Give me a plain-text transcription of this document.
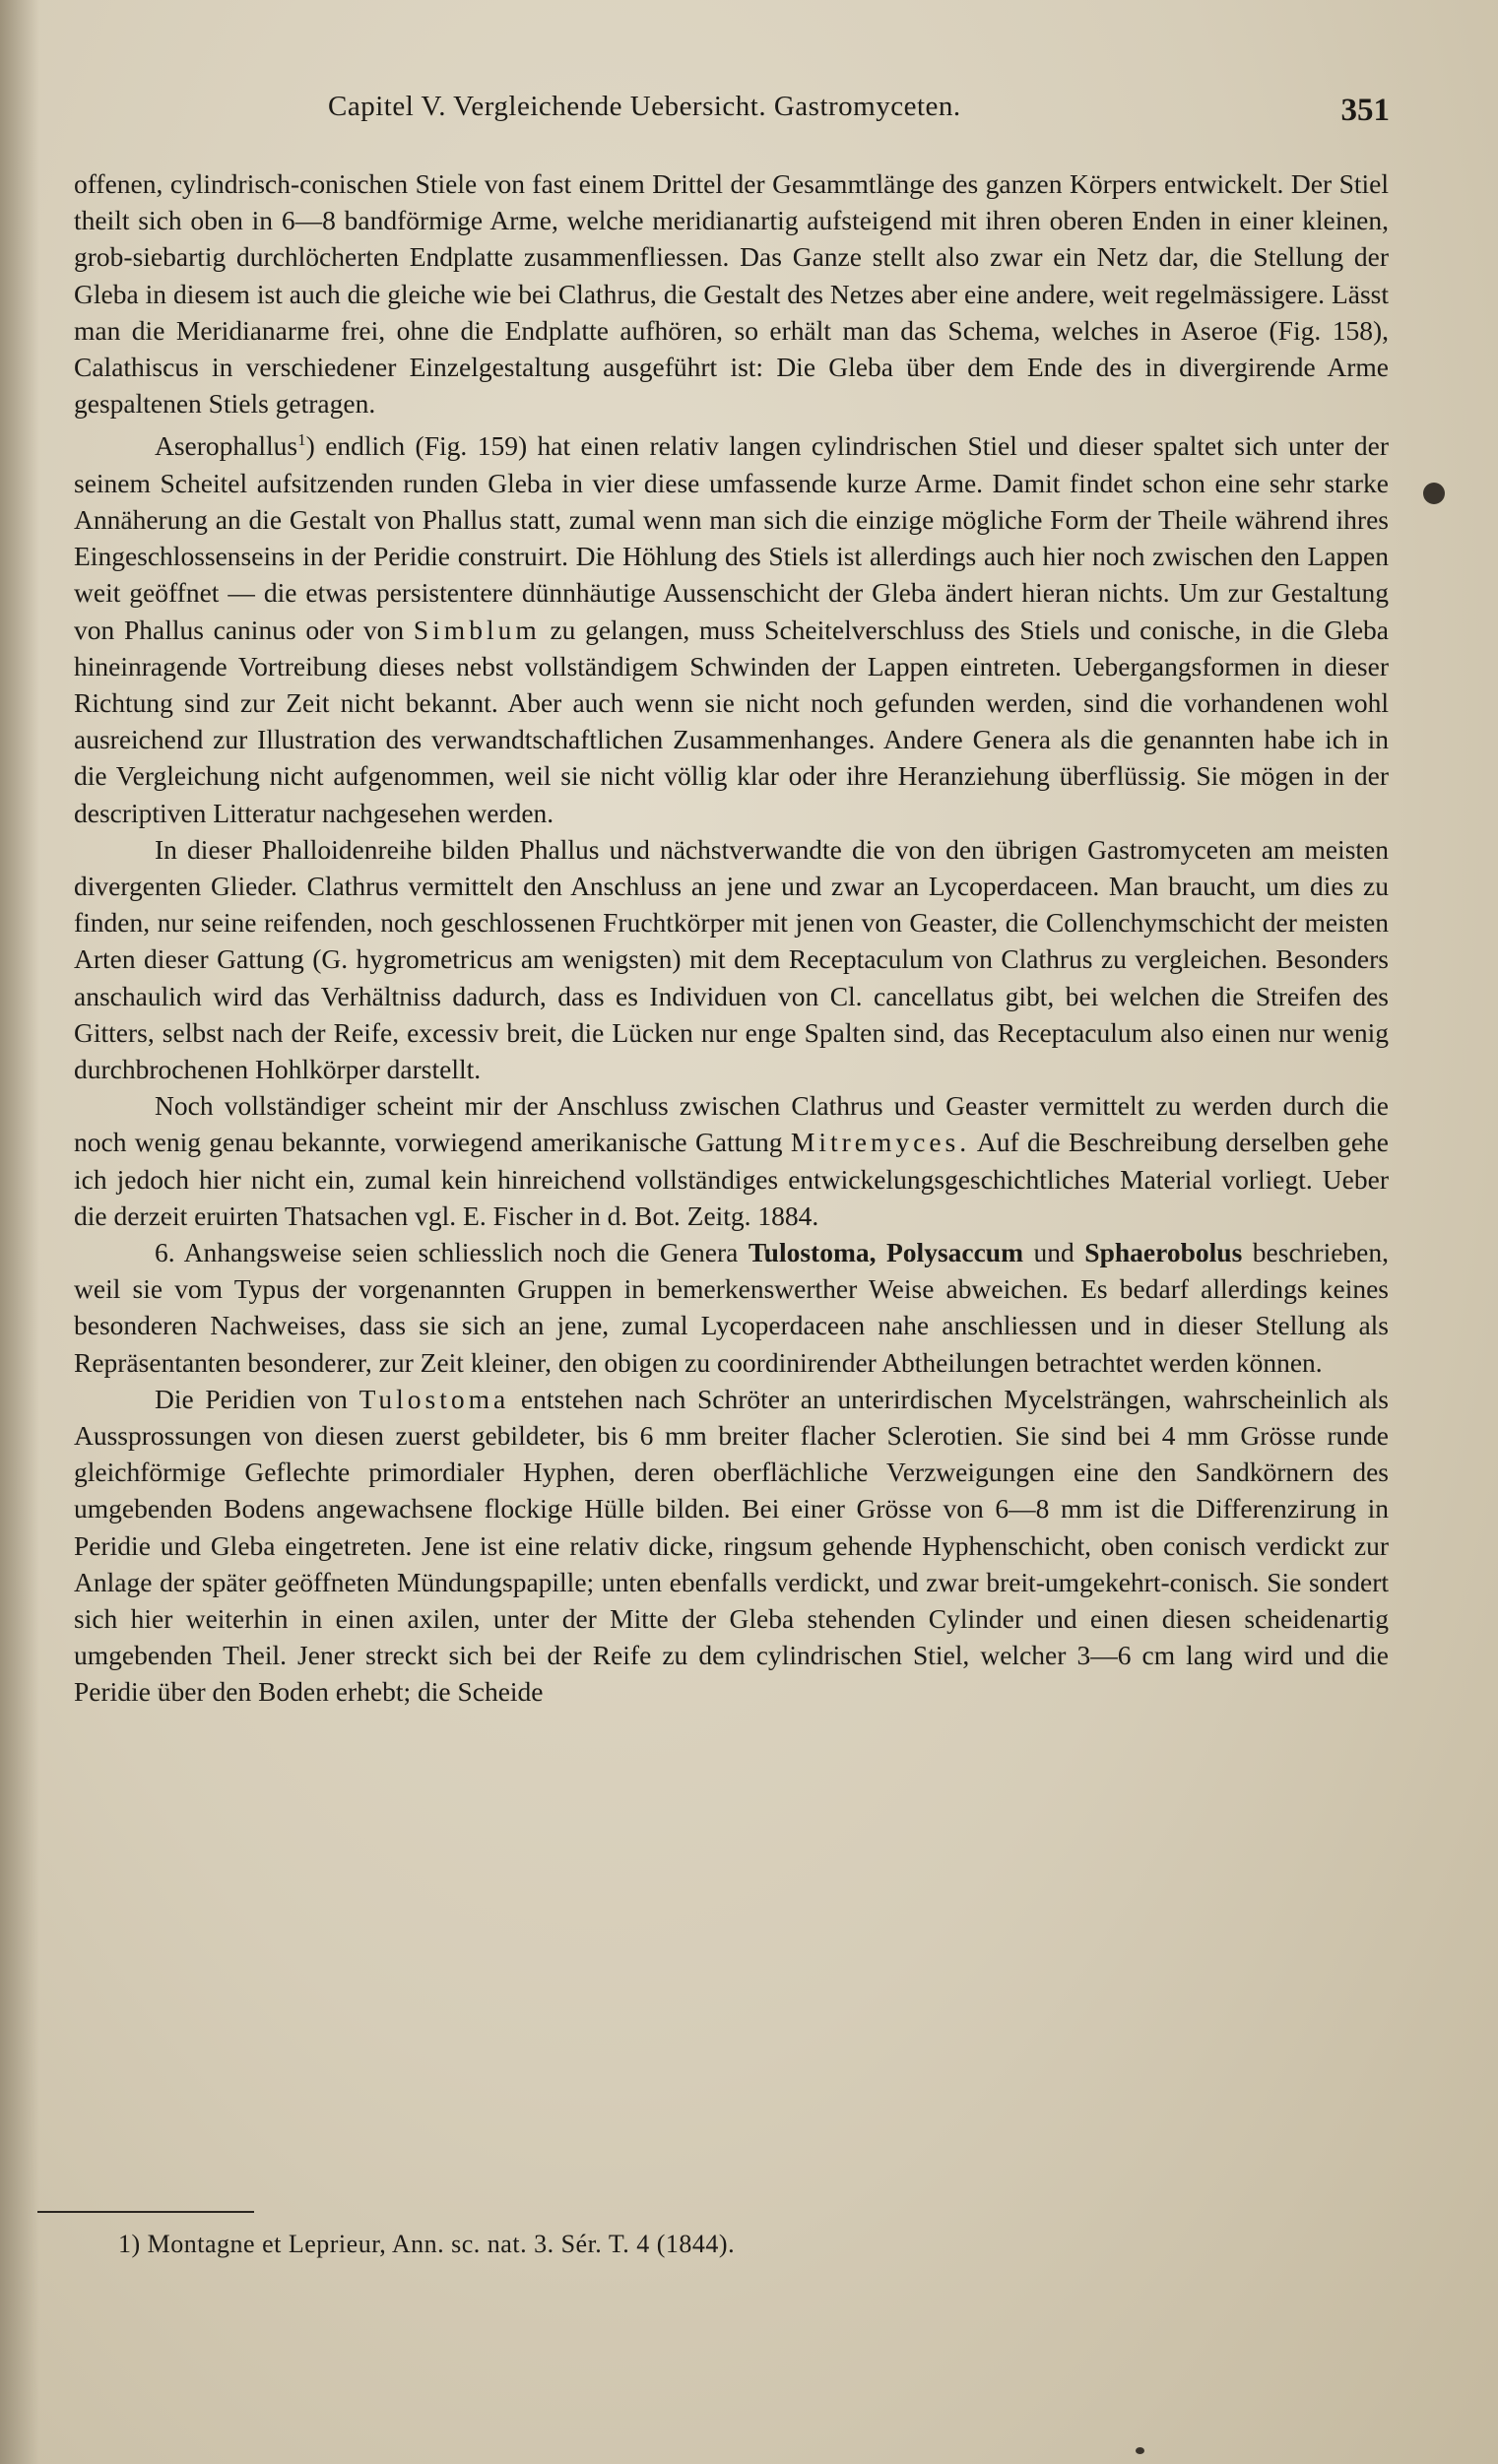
Capitel V. Vergleichende Uebersicht. Gastromyceten.	351

offenen, cylindrisch-conischen Stiele von fast einem Drittel der Gesammtlänge des ganzen Körpers entwickelt. Der Stiel theilt sich oben in 6—8 bandförmige Arme, welche meridianartig aufsteigend mit ihren oberen Enden in einer kleinen, grob-siebartig durchlöcherten Endplatte zusammenfliessen. Das Ganze stellt also zwar ein Netz dar, die Stellung der Gleba in diesem ist auch die gleiche wie bei Clathrus, die Gestalt des Netzes aber eine andere, weit regelmässigere. Lässt man die Meridianarme frei, ohne die Endplatte aufhören, so erhält man das Schema, welches in Aseroe (Fig. 158), Calathiscus in verschiedener Einzelgestaltung ausgeführt ist: Die Gleba über dem Ende des in divergirende Arme gespaltenen Stiels getragen.

Aserophallus$^1$) endlich (Fig. 159) hat einen relativ langen cylindrischen Stiel und dieser spaltet sich unter der seinem Scheitel aufsitzenden runden Gleba in vier diese umfassende kurze Arme. Damit findet schon eine sehr starke Annäherung an die Gestalt von Phallus statt, zumal wenn man sich die einzige mögliche Form der Theile während ihres Eingeschlossenseins in der Peridie construirt. Die Höhlung des Stiels ist allerdings auch hier noch zwischen den Lappen weit geöffnet — die etwas persistentere dünnhäutige Aussenschicht der Gleba ändert hieran nichts. Um zur Gestaltung von Phallus caninus oder von Simblum zu gelangen, muss Scheitelverschluss des Stiels und conische, in die Gleba hineinragende Vortreibung dieses nebst vollständigem Schwinden der Lappen eintreten. Uebergangsformen in dieser Richtung sind zur Zeit nicht bekannt. Aber auch wenn sie nicht noch gefunden werden, sind die vorhandenen wohl ausreichend zur Illustration des verwandtschaftlichen Zusammenhanges. Andere Genera als die genannten habe ich in die Vergleichung nicht aufgenommen, weil sie nicht völlig klar oder ihre Heranziehung überflüssig. Sie mögen in der descriptiven Litteratur nachgesehen werden.

In dieser Phalloidenreihe bilden Phallus und nächstverwandte die von den übrigen Gastromyceten am meisten divergenten Glieder. Clathrus vermittelt den Anschluss an jene und zwar an Lycoperdaceen. Man braucht, um dies zu finden, nur seine reifenden, noch geschlossenen Fruchtkörper mit jenen von Geaster, die Collenchymschicht der meisten Arten dieser Gattung (G. hygrometricus am wenigsten) mit dem Receptaculum von Clathrus zu vergleichen. Besonders anschaulich wird das Verhältniss dadurch, dass es Individuen von Cl. cancellatus gibt, bei welchen die Streifen des Gitters, selbst nach der Reife, excessiv breit, die Lücken nur enge Spalten sind, das Receptaculum also einen nur wenig durchbrochenen Hohlkörper darstellt.

Noch vollständiger scheint mir der Anschluss zwischen Clathrus und Geaster vermittelt zu werden durch die noch wenig genau bekannte, vorwiegend amerikanische Gattung Mitremyces. Auf die Beschreibung derselben gehe ich jedoch hier nicht ein, zumal kein hinreichend vollständiges entwickelungsgeschichtliches Material vorliegt. Ueber die derzeit eruirten Thatsachen vgl. E. Fischer in d. Bot. Zeitg. 1884.

6. Anhangsweise seien schliesslich noch die Genera Tulostoma, Polysaccum und Sphaerobolus beschrieben, weil sie vom Typus der vorgenannten Gruppen in bemerkenswerther Weise abweichen. Es bedarf allerdings keines besonderen Nachweises, dass sie sich an jene, zumal Lycoperdaceen nahe anschliessen und in dieser Stellung als Repräsentanten besonderer, zur Zeit kleiner, den obigen zu coordinirender Abtheilungen betrachtet werden können.

Die Peridien von Tulostoma entstehen nach Schröter an unterirdischen Mycelsträngen, wahrscheinlich als Aussprossungen von diesen zuerst gebildeter, bis 6 mm breiter flacher Sclerotien. Sie sind bei 4 mm Grösse runde gleichförmige Geflechte primordialer Hyphen, deren oberflächliche Verzweigungen eine den Sandkörnern des umgebenden Bodens angewachsene flockige Hülle bilden. Bei einer Grösse von 6—8 mm ist die Differenzirung in Peridie und Gleba eingetreten. Jene ist eine relativ dicke, ringsum gehende Hyphenschicht, oben conisch verdickt zur Anlage der später geöffneten Mündungspapille; unten ebenfalls verdickt, und zwar breit-umgekehrt-conisch. Sie sondert sich hier weiterhin in einen axilen, unter der Mitte der Gleba stehenden Cylinder und einen diesen scheidenartig umgebenden Theil. Jener streckt sich bei der Reife zu dem cylindrischen Stiel, welcher 3—6 cm lang wird und die Peridie über den Boden erhebt; die Scheide

1) Montagne et Leprieur, Ann. sc. nat. 3. Sér. T. 4 (1844).
